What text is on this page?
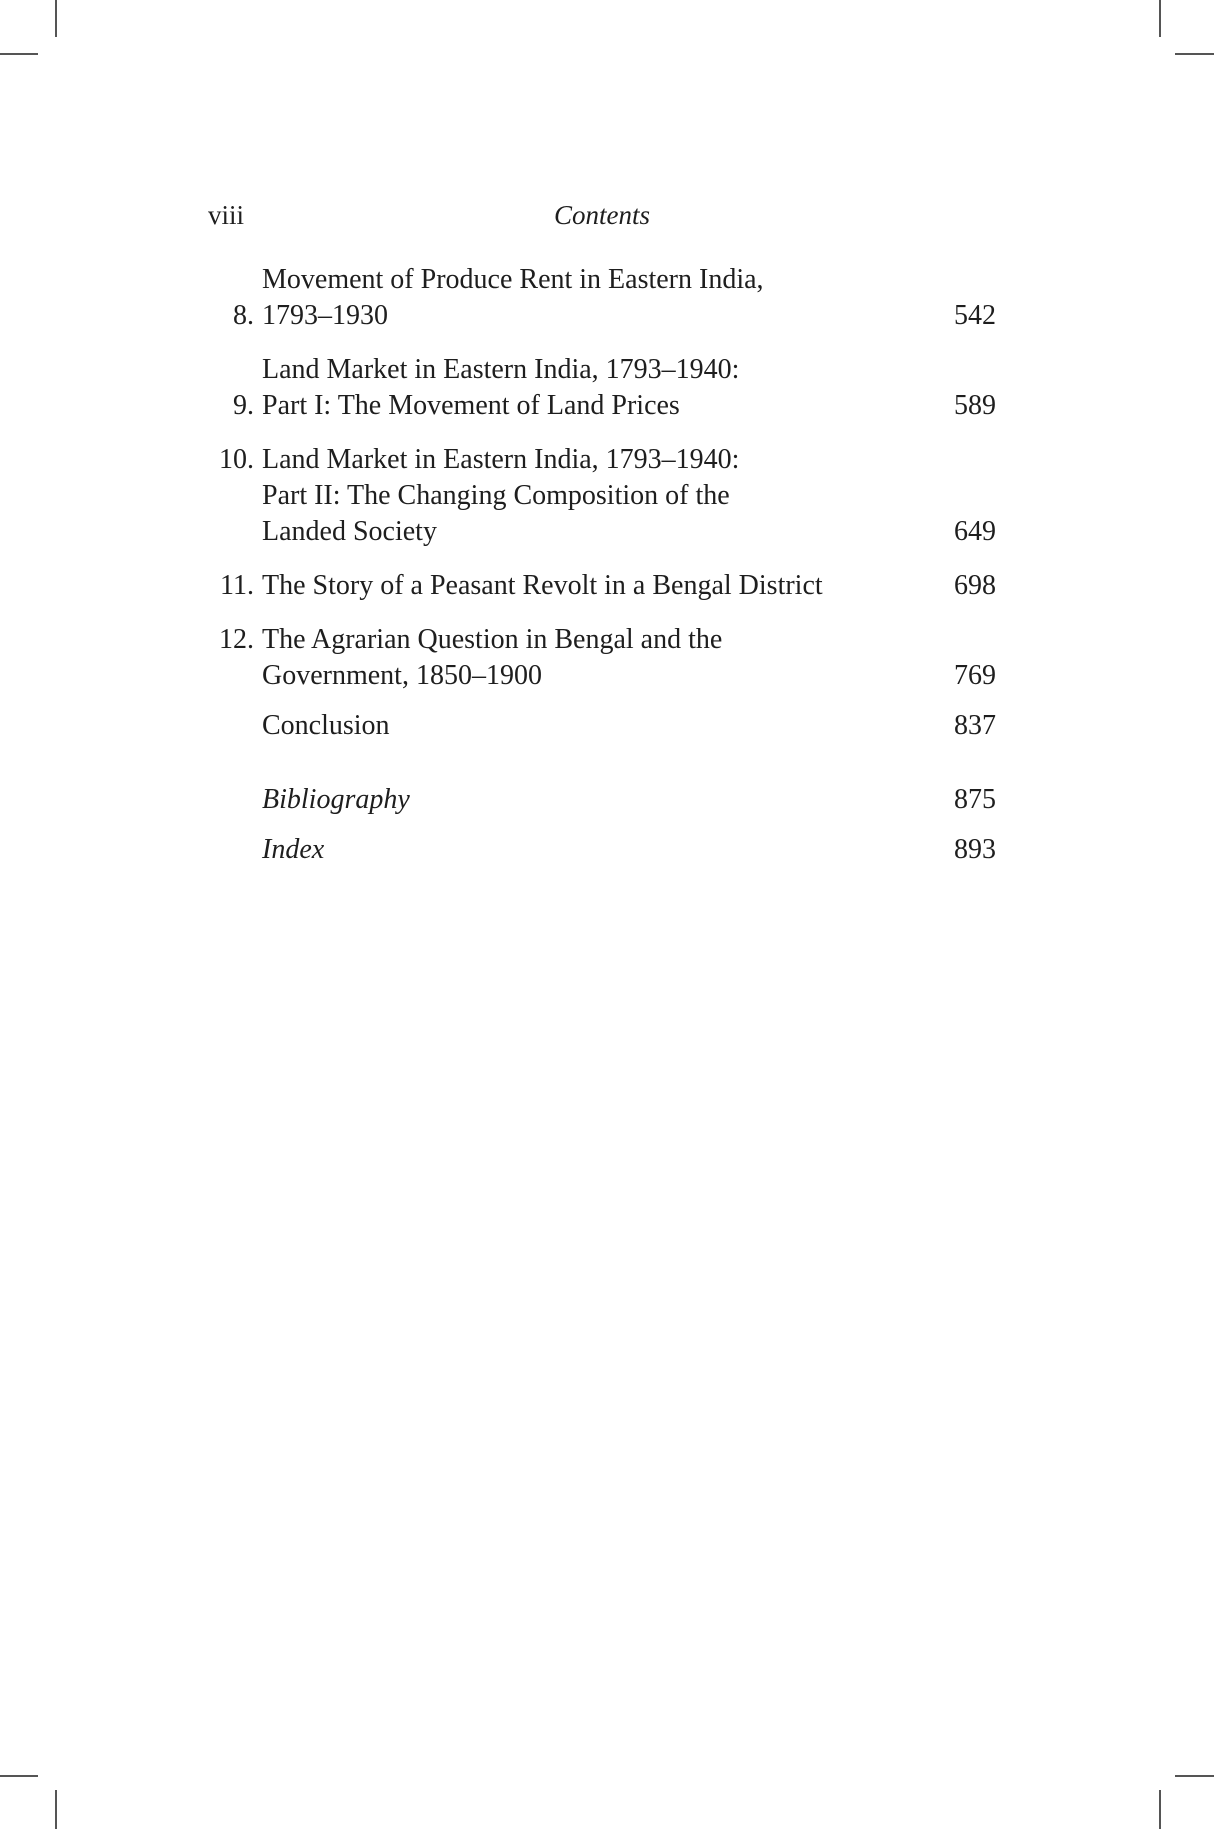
viii	Contents
8.
Movement of Produce Rent in Eastern India,
1793–1930	542
9.
Land Market in Eastern India, 1793–1940:
Part I: The Movement of Land Prices	589
10. Land Market in Eastern India, 1793–1940:
Part II: The Changing Composition of the
Landed Society	649
11. The Story of a Peasant Revolt in a Bengal District	698
12. The Agrarian Question in Bengal and the
Government, 1850–1900	769
Conclusion	837
Bibliography	875
Index	893
